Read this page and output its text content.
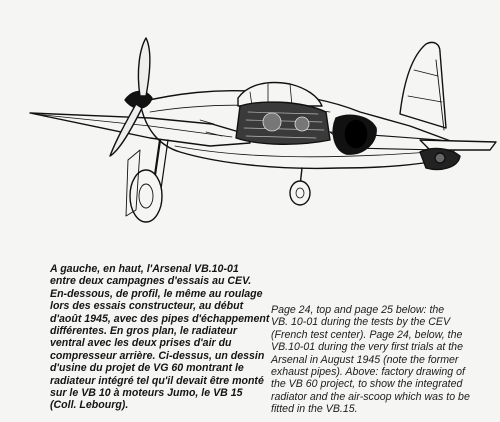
A gauche, en haut, l'Arsenal VB.10-01
entre deux campagnes d'essais au CEV.
En-dessous, de profil, le même au roulage
lors des essais constructeur, au début
d'août 1945, avec des pipes d'échappement
différentes. En gros plan, le radiateur
ventral avec les deux prises d'air du
compresseur arrière. Ci-dessus, un dessin
d'usine du projet de VG 60 montrant le
radiateur intégré tel qu'il devait être monté
sur le VB 10 à moteurs Jumo, le VB 15
(Coll. Lebourg).
Page 24, top and page 25 below: the
VB. 10-01 during the tests by the CEV
(French test center). Page 24, below, the
VB.10-01 during the very first trials at the
Arsenal in August 1945 (note the former
exhaust pipes). Above: factory drawing of
the VB 60 project, to show the integrated
radiator and the air-scoop which was to be
fitted in the VB.15.
